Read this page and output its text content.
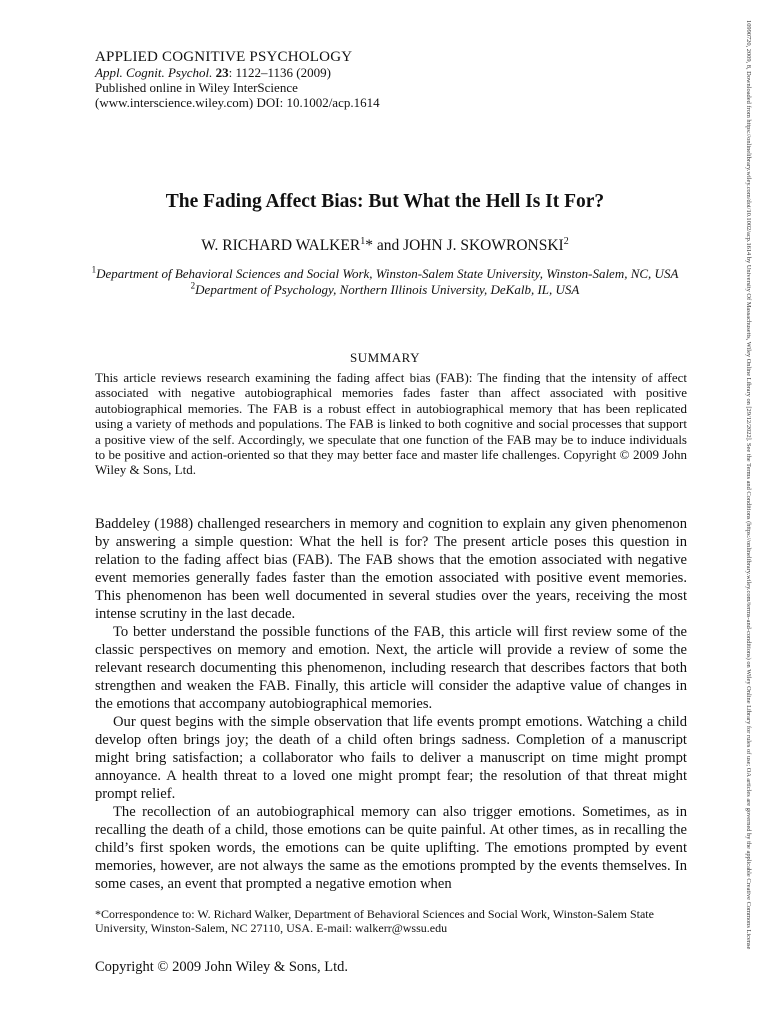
APPLIED COGNITIVE PSYCHOLOGY
Appl. Cognit. Psychol. 23: 1122–1136 (2009)
Published online in Wiley InterScience
(www.interscience.wiley.com) DOI: 10.1002/acp.1614
The Fading Affect Bias: But What the Hell Is It For?
W. RICHARD WALKER$^1$* and JOHN J. SKOWRONSKI$^2$
$^1$Department of Behavioral Sciences and Social Work, Winston-Salem State University, Winston-Salem, NC, USA
$^2$Department of Psychology, Northern Illinois University, DeKalb, IL, USA
SUMMARY
This article reviews research examining the fading affect bias (FAB): The finding that the intensity of affect associated with negative autobiographical memories fades faster than affect associated with positive autobiographical memories. The FAB is a robust effect in autobiographical memory that has been replicated using a variety of methods and populations. The FAB is linked to both cognitive and social processes that support a positive view of the self. Accordingly, we speculate that one function of the FAB may be to induce individuals to be positive and action-oriented so that they may better face and master life challenges. Copyright © 2009 John Wiley & Sons, Ltd.

Baddeley (1988) challenged researchers in memory and cognition to explain any given phenomenon by answering a simple question: What the hell is for? The present article poses this question in relation to the fading affect bias (FAB). The FAB shows that the emotion associated with negative event memories generally fades faster than the emotion associated with positive event memories. This phenomenon has been well documented in several studies over the years, receiving the most intense scrutiny in the last decade.

To better understand the possible functions of the FAB, this article will first review some of the classic perspectives on memory and emotion. Next, the article will provide a review of some the relevant research documenting this phenomenon, including research that describes factors that both strengthen and weaken the FAB. Finally, this article will consider the adaptive value of changes in the emotions that accompany autobiographical memories.

Our quest begins with the simple observation that life events prompt emotions. Watching a child develop often brings joy; the death of a child often brings sadness. Completion of a manuscript might bring satisfaction; a collaborator who fails to deliver a manuscript on time might prompt annoyance. A health threat to a loved one might prompt fear; the resolution of that threat might prompt relief.

The recollection of an autobiographical memory can also trigger emotions. Sometimes, as in recalling the death of a child, those emotions can be quite painful. At other times, as in recalling the child’s first spoken words, the emotions can be quite uplifting. The emotions prompted by event memories, however, are not always the same as the emotions prompted by the events themselves. In some cases, an event that prompted a negative emotion when

*Correspondence to: W. Richard Walker, Department of Behavioral Sciences and Social Work, Winston-Salem State University, Winston-Salem, NC 27110, USA. E-mail: walkerr@wssu.edu
Copyright © 2009 John Wiley & Sons, Ltd.
10990720, 2009, 8, Downloaded from https://onlinelibrary.wiley.com/doi/10.1002/acp.1614 by University Of Massachusetts, Wiley Online Library on [29/12/2022]. See the Terms and Conditions (https://onlinelibrary.wiley.com/terms-and-conditions) on Wiley Online Library for rules of use; OA articles are governed by the applicable Creative Commons License
